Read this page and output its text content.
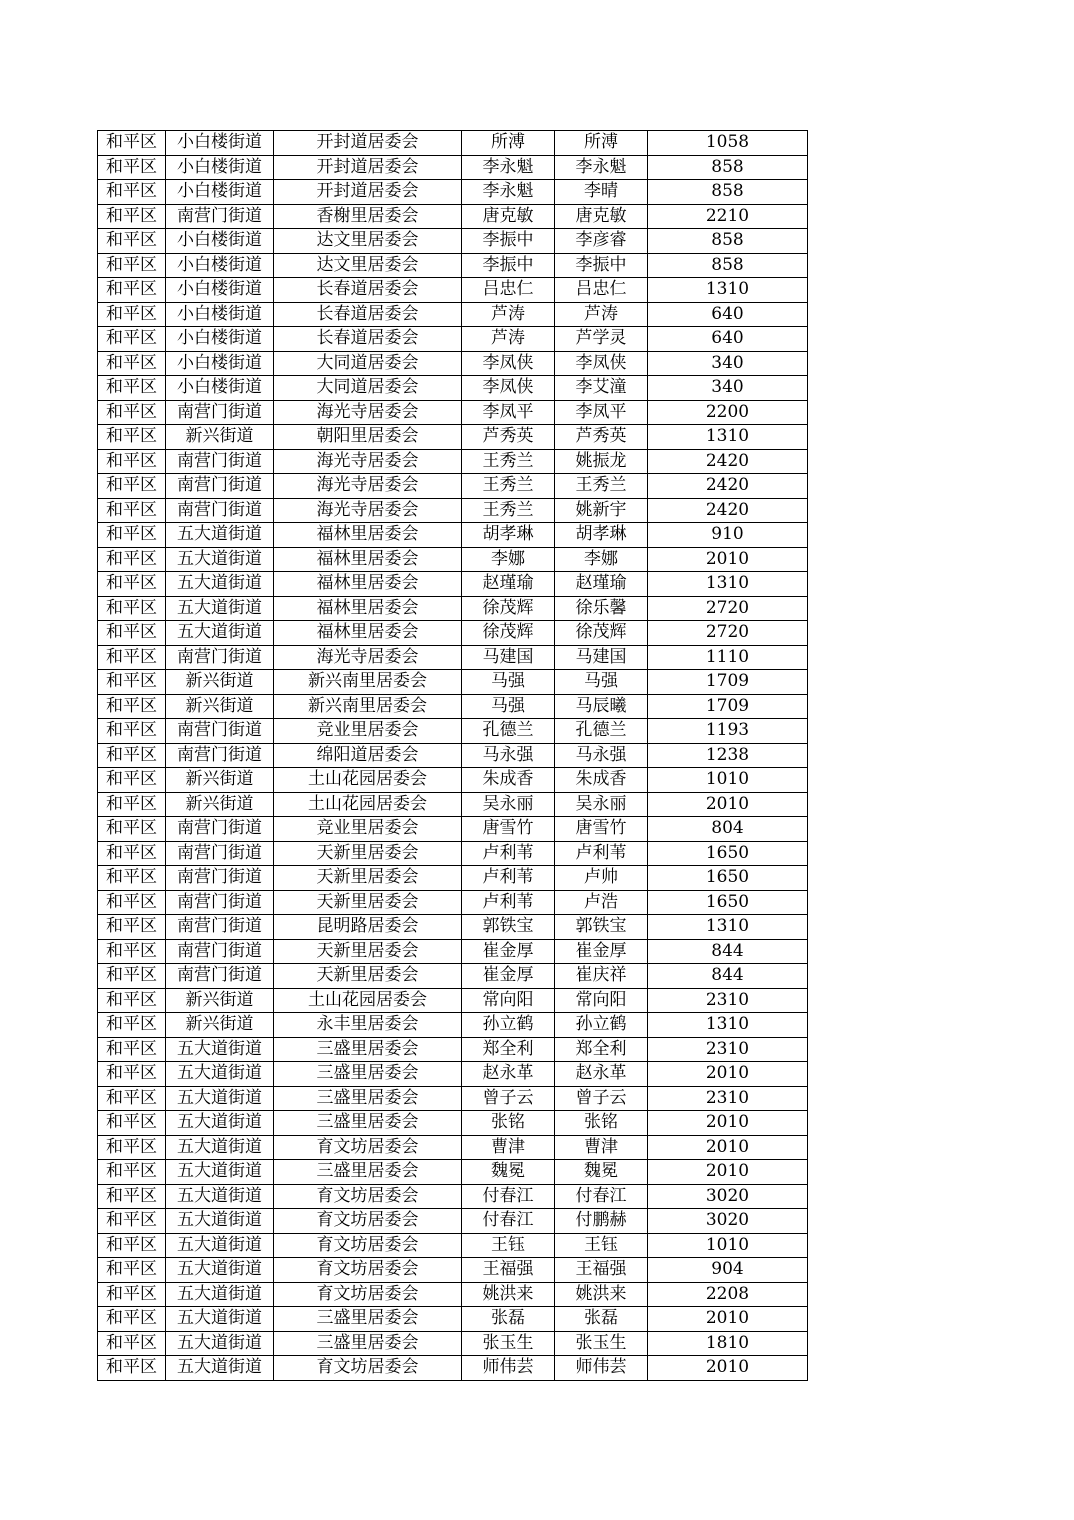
和平区	小白楼街道	开封道居委会	所溥	所溥	1058
和平区	小白楼街道	开封道居委会	李永魁	李永魁	858
和平区	小白楼街道	开封道居委会	李永魁	李晴	858
和平区	南营门街道	香榭里居委会	唐克敏	唐克敏	2210
和平区	小白楼街道	达文里居委会	李振中	李彦睿	858
和平区	小白楼街道	达文里居委会	李振中	李振中	858
和平区	小白楼街道	长春道居委会	吕忠仁	吕忠仁	1310
和平区	小白楼街道	长春道居委会	芦涛	芦涛	640
和平区	小白楼街道	长春道居委会	芦涛	芦学灵	640
和平区	小白楼街道	大同道居委会	李凤侠	李凤侠	340
和平区	小白楼街道	大同道居委会	李凤侠	李艾潼	340
和平区	南营门街道	海光寺居委会	李凤平	李凤平	2200
和平区	新兴街道	朝阳里居委会	芦秀英	芦秀英	1310
和平区	南营门街道	海光寺居委会	王秀兰	姚振龙	2420
和平区	南营门街道	海光寺居委会	王秀兰	王秀兰	2420
和平区	南营门街道	海光寺居委会	王秀兰	姚新宇	2420
和平区	五大道街道	福林里居委会	胡孝琳	胡孝琳	910
和平区	五大道街道	福林里居委会	李娜	李娜	2010
和平区	五大道街道	福林里居委会	赵瑾瑜	赵瑾瑜	1310
和平区	五大道街道	福林里居委会	徐茂辉	徐乐馨	2720
和平区	五大道街道	福林里居委会	徐茂辉	徐茂辉	2720
和平区	南营门街道	海光寺居委会	马建国	马建国	1110
和平区	新兴街道	新兴南里居委会	马强	马强	1709
和平区	新兴街道	新兴南里居委会	马强	马辰曦	1709
和平区	南营门街道	竞业里居委会	孔德兰	孔德兰	1193
和平区	南营门街道	绵阳道居委会	马永强	马永强	1238
和平区	新兴街道	土山花园居委会	朱成香	朱成香	1010
和平区	新兴街道	土山花园居委会	吴永丽	吴永丽	2010
和平区	南营门街道	竞业里居委会	唐雪竹	唐雪竹	804
和平区	南营门街道	天新里居委会	卢利苇	卢利苇	1650
和平区	南营门街道	天新里居委会	卢利苇	卢帅	1650
和平区	南营门街道	天新里居委会	卢利苇	卢浩	1650
和平区	南营门街道	昆明路居委会	郭铁宝	郭铁宝	1310
和平区	南营门街道	天新里居委会	崔金厚	崔金厚	844
和平区	南营门街道	天新里居委会	崔金厚	崔庆祥	844
和平区	新兴街道	土山花园居委会	常向阳	常向阳	2310
和平区	新兴街道	永丰里居委会	孙立鹤	孙立鹤	1310
和平区	五大道街道	三盛里居委会	郑全利	郑全利	2310
和平区	五大道街道	三盛里居委会	赵永革	赵永革	2010
和平区	五大道街道	三盛里居委会	曾子云	曾子云	2310
和平区	五大道街道	三盛里居委会	张铭	张铭	2010
和平区	五大道街道	育文坊居委会	曹津	曹津	2010
和平区	五大道街道	三盛里居委会	魏冕	魏冕	2010
和平区	五大道街道	育文坊居委会	付春江	付春江	3020
和平区	五大道街道	育文坊居委会	付春江	付鹏赫	3020
和平区	五大道街道	育文坊居委会	王钰	王钰	1010
和平区	五大道街道	育文坊居委会	王福强	王福强	904
和平区	五大道街道	育文坊居委会	姚洪来	姚洪来	2208
和平区	五大道街道	三盛里居委会	张磊	张磊	2010
和平区	五大道街道	三盛里居委会	张玉生	张玉生	1810
和平区	五大道街道	育文坊居委会	师伟芸	师伟芸	2010
